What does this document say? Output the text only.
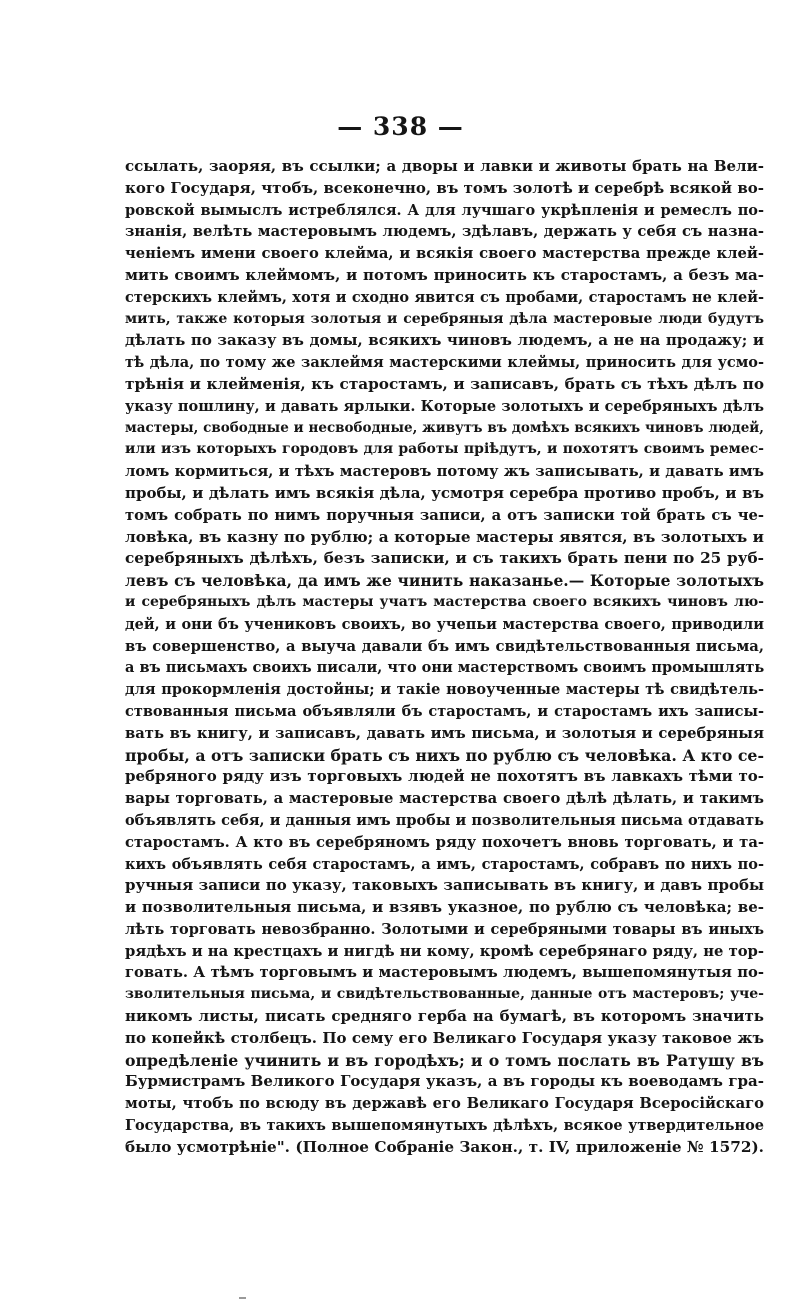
— 338 —
ссылать, заоряя, въ ссылки; а дворы и лавки и животы брать на Вели-
кого Государя, чтобъ, всеконечно, въ томъ золотѣ и серебрѣ всякой во-
ровской вымыслъ истреблялся. А для лучшаго укрѣпленія и ремеслъ по-
знанія, велѣть мастеровымъ людемъ, здѣлавъ, держать у себя съ назна-
ченіемъ имени своего клейма, и всякія своего мастерства прежде клей-
мить своимъ клеймомъ, и потомъ приносить къ старостамъ, а безъ ма-
стерскихъ клеймъ, хотя и сходно явится съ пробами, старостамъ не клей-
мить, также которыя золотыя и серебряныя дѣла мастеровые люди будутъ
дѣлать по заказу въ домы, всякихъ чиновъ людемъ, а не на продажу; и
тѣ дѣла, по тому же заклеймя мастерскими клеймы, приносить для усмо-
трѣнія и клейменія, къ старостамъ, и записавъ, брать съ тѣхъ дѣлъ по
указу пошлину, и давать ярлыки. Которые золотыхъ и серебряныхъ дѣлъ
мастеры, свободные и несвободные, живутъ въ домѣхъ всякихъ чиновъ людей,
или изъ которыхъ городовъ для работы пріѣдутъ, и похотятъ своимъ ремес-
ломъ кормиться, и тѣхъ мастеровъ потому жъ записывать, и давать имъ
пробы, и дѣлать имъ всякія дѣла, усмотря серебра противо пробъ, и въ
томъ собрать по нимъ поручныя записи, а отъ записки той брать съ че-
ловѣка, въ казну по рублю; а которые мастеры явятся, въ золотыхъ и
серебряныхъ дѣлѣхъ, безъ записки, и съ такихъ брать пени по 25 руб-
левъ съ человѣка, да имъ же чинить наказанье.— Которые золотыхъ
и серебряныхъ дѣлъ мастеры учатъ мастерства своего всякихъ чиновъ лю-
дей, и они бъ учениковъ своихъ, во учепьи мастерства своего, приводили
въ совершенство, а выуча давали бъ имъ свидѣтельствованныя письма,
а въ письмахъ своихъ писали, что они мастерствомъ своимъ промышлять
для прокормленія достойны; и такіе новоученные мастеры тѣ свидѣтель-
ствованныя письма объявляли бъ старостамъ, и старостамъ ихъ записы-
вать въ книгу, и записавъ, давать имъ письма, и золотыя и серебряныя
пробы, а отъ записки брать съ нихъ по рублю съ человѣка. А кто се-
ребряного ряду изъ торговыхъ людей не похотятъ въ лавкахъ тѣми то-
вары торговать, а мастеровые мастерства своего дѣлѣ дѣлать, и такимъ
объявлять себя, и данныя имъ пробы и позволительныя письма отдавать
старостамъ. А кто въ серебряномъ ряду похочетъ вновь торговать, и та-
кихъ объявлять себя старостамъ, а имъ, старостамъ, собравъ по нихъ по-
ручныя записи по указу, таковыхъ записывать въ книгу, и давъ пробы
и позволительныя письма, и взявъ указное, по рублю съ человѣка; ве-
лѣть торговать невозбранно. Золотыми и серебряными товары въ иныхъ
рядѣхъ и на крестцахъ и нигдѣ ни кому, кромѣ серебрянаго ряду, не тор-
говать. А тѣмъ торговымъ и мастеровымъ людемъ, вышепомянутыя по-
зволительныя письма, и свидѣтельствованные, данные отъ мастеровъ; уче-
никомъ листы, писать средняго герба на бумагѣ, въ которомъ значить
по копейкѣ столбецъ. По сему его Великаго Государя указу таковое жъ
опредѣленіе учинить и въ городѣхъ; и о томъ послать въ Ратушу въ
Бурмистрамъ Великого Государя указъ, а въ городы къ воеводамъ гра-
моты, чтобъ по всюду въ державѣ его Великаго Государя Всеросійскаго
Государства, въ такихъ вышепомянутыхъ дѣлѣхъ, всякое утвердительное
было усмотрѣніе". (Полное Собраніе Закон., т. IV, приложеніе № 1572).
